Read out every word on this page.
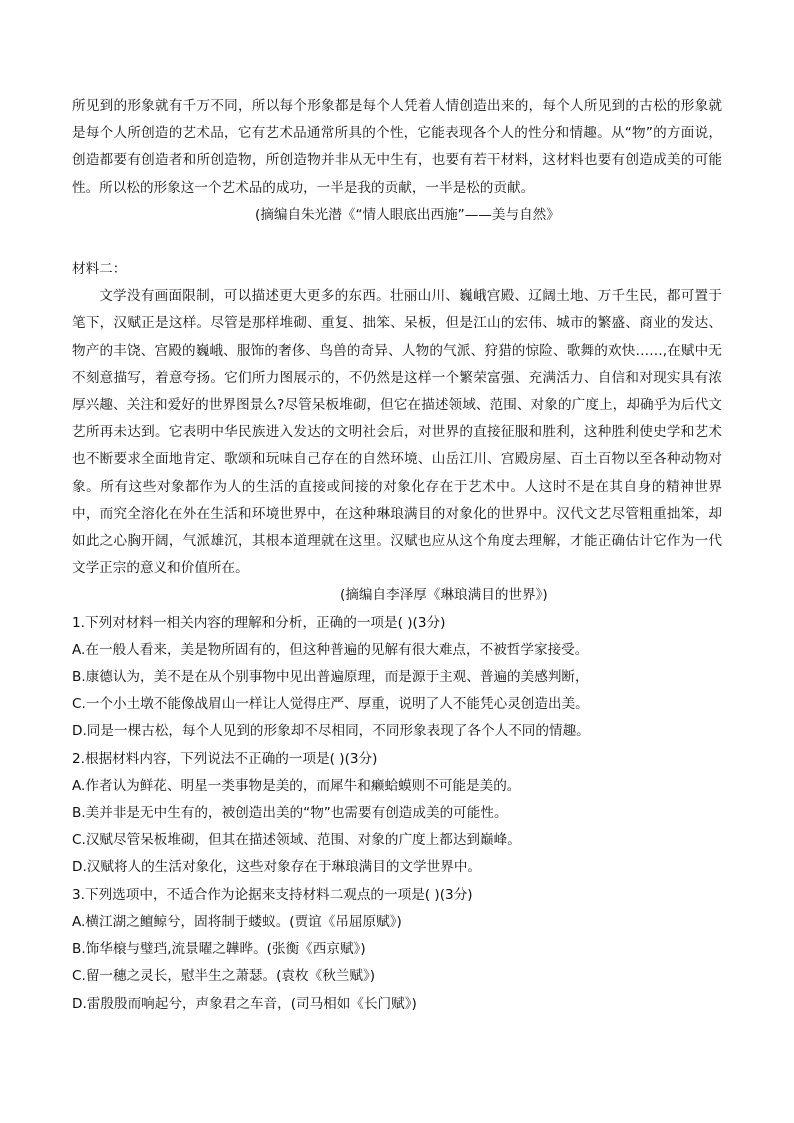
所见到的形象就有千万不同，所以每个形象都是每个人凭着人情创造出来的，每个人所见到的古松的形象就是每个人所创造的艺术品，它有艺术品通常所具的个性，它能表现各个人的性分和情趣。从“物”的方面说，创造都要有创造者和所创造物，所创造物并非从无中生有，也要有若干材料，这材料也要有创造成美的可能性。所以松的形象这一个艺术品的成功，一半是我的贡献，一半是松的贡献。

(摘编自朱光潜《“情人眼底出西施”——美与自然》

材料二：

文学没有画面限制，可以描述更大更多的东西。壮丽山川、巍峨宫殿、辽阔土地、万千生民，都可置于笔下，汉赋正是这样。尽管是那样堆砌、重复、拙笨、呆板，但是江山的宏伟、城市的繁盛、商业的发达、物产的丰饶、宫殿的巍峨、服饰的奢侈、鸟兽的奇异、人物的气派、狩猎的惊险、歌舞的欢快……,在赋中无不刻意描写，着意夸扬。它们所力图展示的，不仍然是这样一个繁荣富强、充满活力、自信和对现实具有浓厚兴趣、关注和爱好的世界图景么?尽管呆板堆砌，但它在描述领域、范围、对象的广度上，却确乎为后代文艺所再未达到。它表明中华民族进入发达的文明社会后，对世界的直接征服和胜利，这种胜利使史学和艺术也不断要求全面地肯定、歌颂和玩味自己存在的自然环境、山岳江川、宫殿房屋、百土百物以至各种动物对象。所有这些对象都作为人的生活的直接或间接的对象化存在于艺术中。人这时不是在其自身的精神世界中，而究全溶化在外在生活和环境世界中，在这种琳琅满目的对象化的世界中。汉代文艺尽管粗重拙笨，却如此之心胸开阔，气派雄沉，其根本道理就在这里。汉赋也应从这个角度去理解，才能正确估计它作为一代文学正宗的意义和价值所在。

(摘编自李泽厚《琳琅满目的世界》)

1.下列对材料一相关内容的理解和分析，正确的一项是( )(3分)

A.在一般人看来，美是物所固有的，但这种普遍的见解有很大难点，不被哲学家接受。

B.康德认为，美不是在从个别事物中见出普遍原理，而是源于主观、普遍的美感判断，

C.一个小土墩不能像战眉山一样让人觉得庄严、厚重，说明了人不能凭心灵创造出美。

D.同是一棵古松，每个人见到的形象却不尽相同，不同形象表现了各个人不同的情趣。

2.根据材料内容，下列说法不正确的一项是( )(3分)

A.作者认为鲜花、明星一类事物是美的，而犀牛和癞蛤蟆则不可能是美的。

B.美并非是无中生有的，被创造出美的“物”也需要有创造成美的可能性。

C.汉赋尽管呆板堆砌，但其在描述领域、范围、对象的广度上都达到巅峰。

D.汉赋将人的生活对象化，这些对象存在于琳琅满目的文学世界中。

3.下列选项中，不适合作为论据来支持材料二观点的一项是( )(3分)

A.横江湖之鳣鲸兮，固将制于蝼蚁。(贾谊《吊屈原赋》)

B.饰华榱与璧珰,流景曜之韡晔。(张衡《西京赋》)

C.留一穗之灵长，慰半生之萧瑟。(袁枚《秋兰赋》)

D.雷殷殷而响起兮，声象君之车音，(司马相如《长门赋》)
